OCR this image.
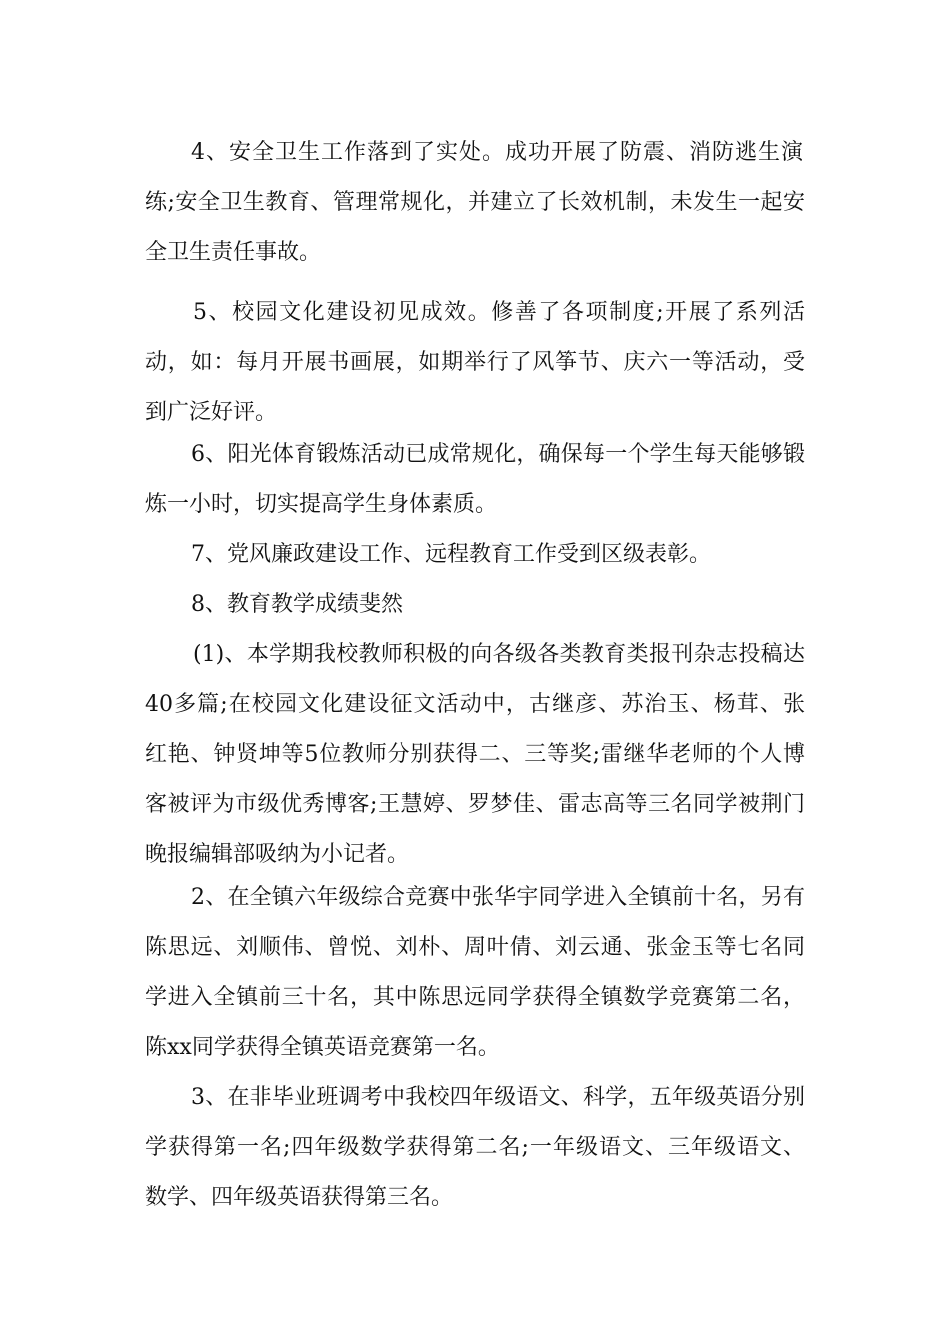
4、安全卫生工作落到了实处。成功开展了防震、消防逃生演
练;安全卫生教育、管理常规化，并建立了长效机制，未发生一起安
全卫生责任事故。
5、校园文化建设初见成效。修善了各项制度;开展了系列活
动，如：每月开展书画展，如期举行了风筝节、庆六一等活动，受
到广泛好评。
6、阳光体育锻炼活动已成常规化，确保每一个学生每天能够锻
炼一小时，切实提高学生身体素质。
7、党风廉政建设工作、远程教育工作受到区级表彰。
8、教育教学成绩斐然
(1)、本学期我校教师积极的向各级各类教育类报刊杂志投稿达
40多篇;在校园文化建设征文活动中，古继彦、苏治玉、杨茸、张
红艳、钟贤坤等5位教师分别获得二、三等奖;雷继华老师的个人博
客被评为市级优秀博客;王慧婷、罗梦佳、雷志高等三名同学被荆门
晚报编辑部吸纳为小记者。
2、在全镇六年级综合竞赛中张华宇同学进入全镇前十名，另有
陈思远、刘顺伟、曾悦、刘朴、周叶倩、刘云通、张金玉等七名同
学进入全镇前三十名，其中陈思远同学获得全镇数学竞赛第二名，
陈xx同学获得全镇英语竞赛第一名。
3、在非毕业班调考中我校四年级语文、科学，五年级英语分别
学获得第一名;四年级数学获得第二名;一年级语文、三年级语文、
数学、四年级英语获得第三名。
